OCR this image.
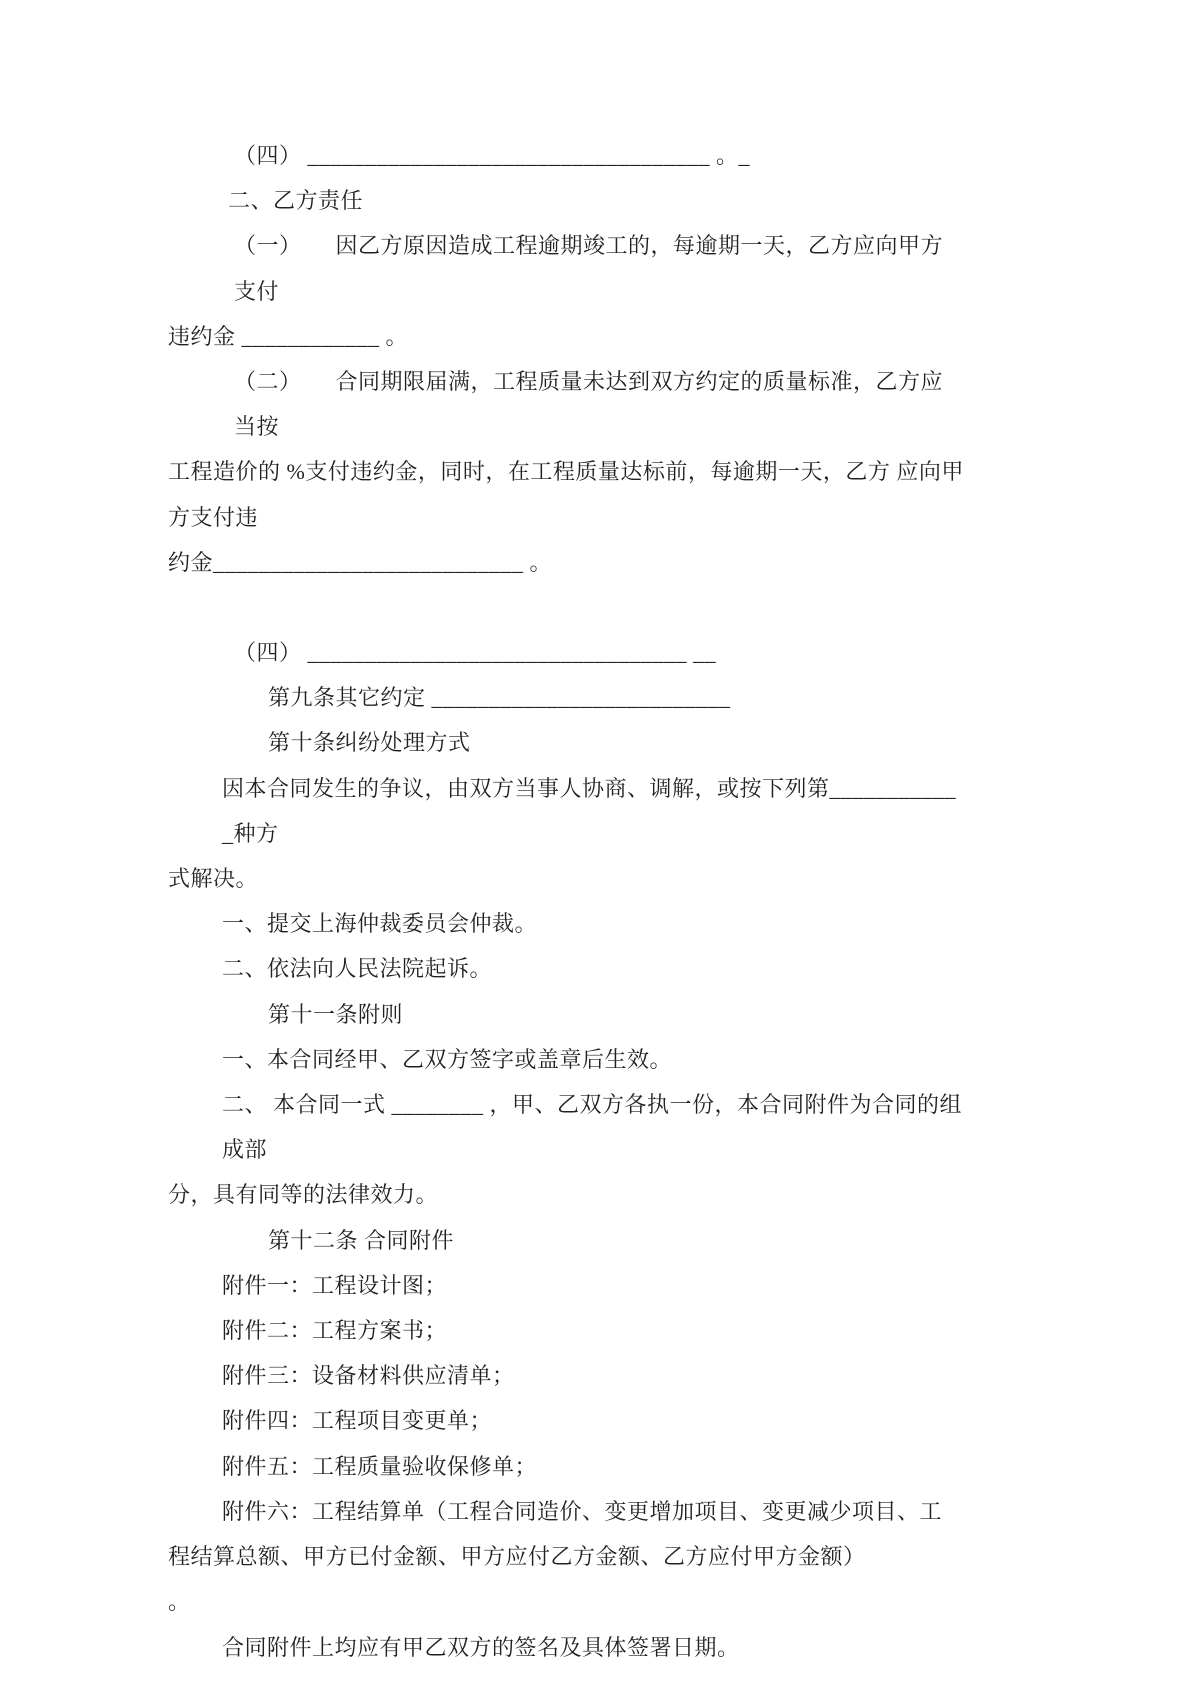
（四） ___________________________________ 。_

二、乙方责任

（一）　　因乙方原因造成工程逾期竣工的，每逾期一天，乙方应向甲方支付

违约金 ____________ 。

（二）　　合同期限届满，工程质量未达到双方约定的质量标准，乙方应当按

工程造价的 %支付违约金，同时，在工程质量达标前，每逾期一天，乙方 应向甲方支付违

约金___________________________ 。

（四） _________________________________ __

第九条其它约定 __________________________

第十条纠纷处理方式

因本合同发生的争议，由双方当事人协商、调解，或按下列第____________种方

式解决。

一、提交上海仲裁委员会仲裁。

二、依法向人民法院起诉。

第十一条附则

一、本合同经甲、乙双方签字或盖章后生效。

二、 本合同一式 ________ ，甲、乙双方各执一份，本合同附件为合同的组 成部

分，具有同等的法律效力。

第十二条 合同附件

附件一：工程设计图；

附件二：工程方案书；

附件三：设备材料供应清单；

附件四：工程项目变更单；

附件五：工程质量验收保修单；

附件六：工程结算单（工程合同造价、变更增加项目、变更减少项目、工

程结算总额、甲方已付金额、甲方应付乙方金额、乙方应付甲方金额）　　　　。

合同附件上均应有甲乙双方的签名及具体签署日期。
